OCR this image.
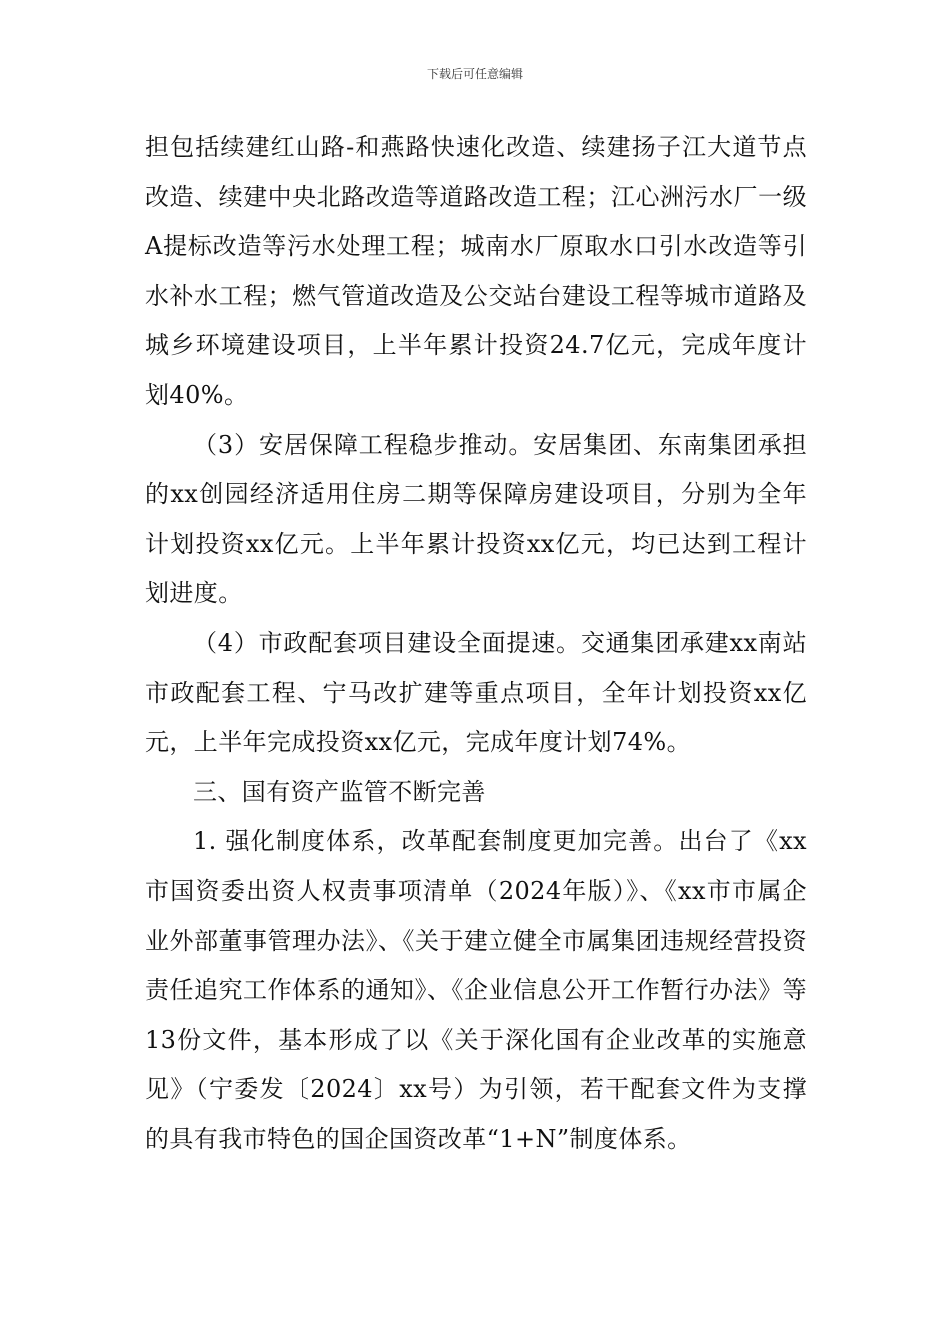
下载后可任意编辑

担包括续建红山路-和燕路快速化改造、续建扬子江大道节点改造、续建中央北路改造等道路改造工程；江心洲污水厂一级A提标改造等污水处理工程；城南水厂原取水口引水改造等引水补水工程；燃气管道改造及公交站台建设工程等城市道路及城乡环境建设项目，上半年累计投资24.7亿元，完成年度计划40%。

（3）安居保障工程稳步推动。安居集团、东南集团承担的xx创园经济适用住房二期等保障房建设项目，分别为全年计划投资xx亿元。上半年累计投资xx亿元，均已达到工程计划进度。

（4）市政配套项目建设全面提速。交通集团承建xx南站市政配套工程、宁马改扩建等重点项目，全年计划投资xx亿元，上半年完成投资xx亿元，完成年度计划74%。

三、国有资产监管不断完善

1. 强化制度体系，改革配套制度更加完善。出台了《xx市国资委出资人权责事项清单（2024年版）》、《xx市市属企业外部董事管理办法》、《关于建立健全市属集团违规经营投资责任追究工作体系的通知》、《企业信息公开工作暂行办法》等13份文件，基本形成了以《关于深化国有企业改革的实施意见》（宁委发〔2024〕xx号）为引领，若干配套文件为支撑的具有我市特色的国企国资改革“1+N”制度体系。
